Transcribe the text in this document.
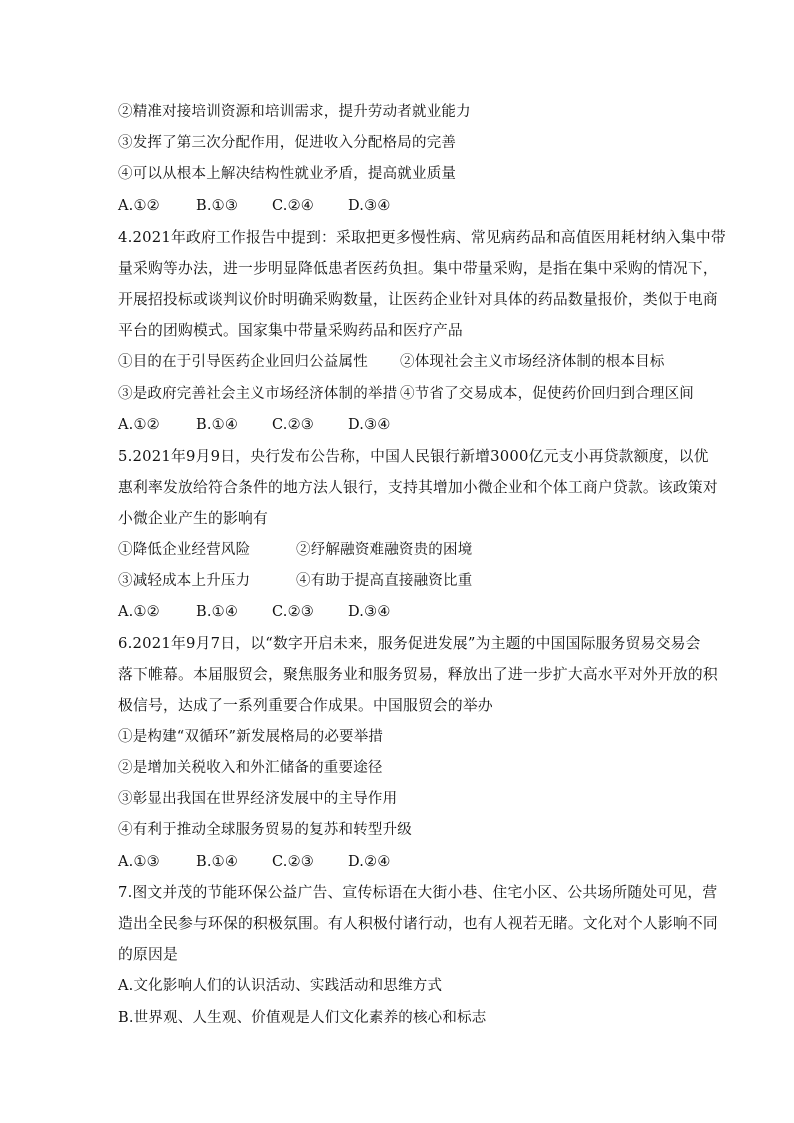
②精准对接培训资源和培训需求，提升劳动者就业能力
③发挥了第三次分配作用，促进收入分配格局的完善
④可以从根本上解决结构性就业矛盾，提高就业质量
A.①② B.①③ C.②④ D.③④
4.2021年政府工作报告中提到：采取把更多慢性病、常见病药品和高值医用耗材纳入集中带
量采购等办法，进一步明显降低患者医药负担。集中带量采购，是指在集中采购的情况下，
开展招投标或谈判议价时明确采购数量，让医药企业针对具体的药品数量报价，类似于电商
平台的团购模式。国家集中带量采购药品和医疗产品
①目的在于引导医药企业回归公益属性 ②体现社会主义市场经济体制的根本目标
③是政府完善社会主义市场经济体制的举措 ④节省了交易成本，促使药价回归到合理区间
A.①② B.①④ C.②③ D.③④
5.2021年9月9日，央行发布公告称，中国人民银行新增3000亿元支小再贷款额度，以优
惠利率发放给符合条件的地方法人银行，支持其增加小微企业和个体工商户贷款。该政策对
小微企业产生的影响有
①降低企业经营风险	②纾解融资难融资贵的困境
③减轻成本上升压力	④有助于提高直接融资比重
A.①② B.①④ C.②③ D.③④
6.2021年9月7日，以“数字开启未来，服务促进发展”为主题的中国国际服务贸易交易会
落下帷幕。本届服贸会，聚焦服务业和服务贸易，释放出了进一步扩大高水平对外开放的积
极信号，达成了一系列重要合作成果。中国服贸会的举办
①是构建“双循环”新发展格局的必要举措
②是增加关税收入和外汇储备的重要途径
③彰显出我国在世界经济发展中的主导作用
④有利于推动全球服务贸易的复苏和转型升级
A.①③ B.①④ C.②③ D.②④
7.图文并茂的节能环保公益广告、宣传标语在大街小巷、住宅小区、公共场所随处可见，营
造出全民参与环保的积极氛围。有人积极付诸行动，也有人视若无睹。文化对个人影响不同
的原因是
A.文化影响人们的认识活动、实践活动和思维方式
B.世界观、人生观、价值观是人们文化素养的核心和标志
